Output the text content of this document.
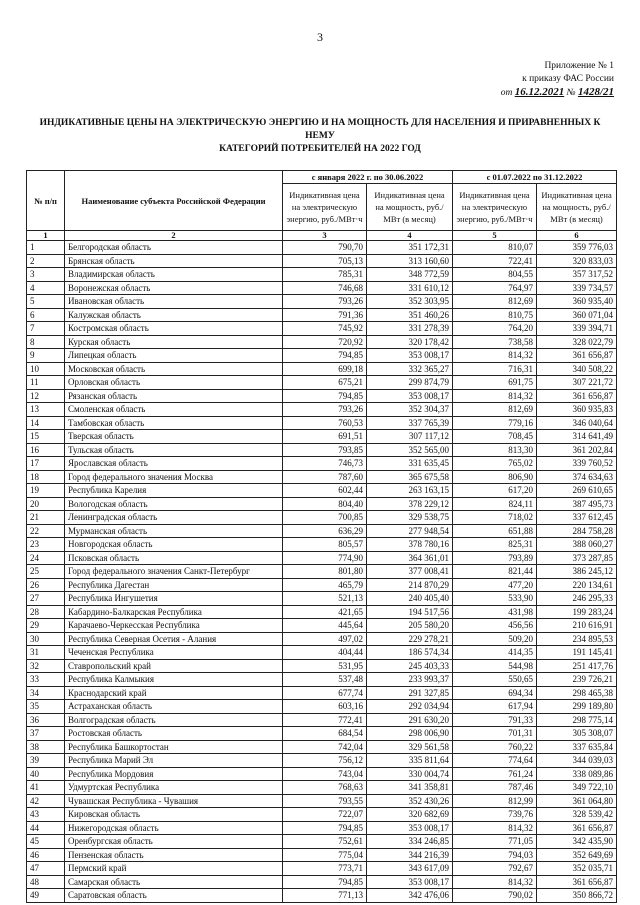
3
Приложение № 1
к приказу ФАС России
от 16.12.2021 № 1428/21
ИНДИКАТИВНЫЕ ЦЕНЫ НА ЭЛЕКТРИЧЕСКУЮ ЭНЕРГИЮ И НА МОЩНОСТЬ ДЛЯ НАСЕЛЕНИЯ И ПРИРАВНЕННЫХ К НЕМУ
КАТЕГОРИЙ ПОТРЕБИТЕЛЕЙ НА 2022 ГОД
№ п/п	Наименование субъекта Российской Федерации	с января 2022 г. по 30.06.2022		с 01.07.2022 по 31.12.2022	
		Индикативная цена на электрическую энергию, руб./МВт·ч	Индикативная цена на мощность, руб./МВт (в месяц)	Индикативная цена на электрическую энергию, руб./МВт·ч	Индикативная цена на мощность, руб./МВт (в месяц)
1	2	3	4	5	6
1	Белгородская область	790,70	351 172,31	810,07	359 776,03
2	Брянская область	705,13	313 160,60	722,41	320 833,03
3	Владимирская область	785,31	348 772,59	804,55	357 317,52
4	Воронежская область	746,68	331 610,12	764,97	339 734,57
5	Ивановская область	793,26	352 303,95	812,69	360 935,40
6	Калужская область	791,36	351 460,26	810,75	360 071,04
7	Костромская область	745,92	331 278,39	764,20	339 394,71
8	Курская область	720,92	320 178,42	738,58	328 022,79
9	Липецкая область	794,85	353 008,17	814,32	361 656,87
10	Московская область	699,18	332 365,27	716,31	340 508,22
11	Орловская область	675,21	299 874,79	691,75	307 221,72
12	Рязанская область	794,85	353 008,17	814,32	361 656,87
13	Смоленская область	793,26	352 304,37	812,69	360 935,83
14	Тамбовская область	760,53	337 765,39	779,16	346 040,64
15	Тверская область	691,51	307 117,12	708,45	314 641,49
16	Тульская область	793,85	352 565,00	813,30	361 202,84
17	Ярославская область	746,73	331 635,45	765,02	339 760,52
18	Город федерального значения Москва	787,60	365 675,58	806,90	374 634,63
19	Республика Карелия	602,44	263 163,15	617,20	269 610,65
20	Вологодская область	804,40	378 229,12	824,11	387 495,73
21	Ленинградская область	700,85	329 538,75	718,02	337 612,45
22	Мурманская область	636,29	277 948,54	651,88	284 758,28
23	Новгородская область	805,57	378 780,16	825,31	388 060,27
24	Псковская область	774,90	364 361,01	793,89	373 287,85
25	Город федерального значения Санкт-Петербург	801,80	377 008,41	821,44	386 245,12
26	Республика Дагестан	465,79	214 870,29	477,20	220 134,61
27	Республика Ингушетия	521,13	240 405,40	533,90	246 295,33
28	Кабардино-Балкарская Республика	421,65	194 517,56	431,98	199 283,24
29	Карачаево-Черкесская Республика	445,64	205 580,20	456,56	210 616,91
30	Республика Северная Осетия - Алания	497,02	229 278,21	509,20	234 895,53
31	Чеченская Республика	404,44	186 574,34	414,35	191 145,41
32	Ставропольский край	531,95	245 403,33	544,98	251 417,76
33	Республика Калмыкия	537,48	233 993,37	550,65	239 726,21
34	Краснодарский край	677,74	291 327,85	694,34	298 465,38
35	Астраханская область	603,16	292 034,94	617,94	299 189,80
36	Волгоградская область	772,41	291 630,20	791,33	298 775,14
37	Ростовская область	684,54	298 006,90	701,31	305 308,07
38	Республика Башкортостан	742,04	329 561,58	760,22	337 635,84
39	Республика Марий Эл	756,12	335 811,64	774,64	344 039,03
40	Республика Мордовия	743,04	330 004,74	761,24	338 089,86
41	Удмуртская Республика	768,63	341 358,81	787,46	349 722,10
42	Чувашская Республика - Чувашия	793,55	352 430,26	812,99	361 064,80
43	Кировская область	722,07	320 682,69	739,76	328 539,42
44	Нижегородская область	794,85	353 008,17	814,32	361 656,87
45	Оренбургская область	752,61	334 246,85	771,05	342 435,90
46	Пензенская область	775,04	344 216,39	794,03	352 649,69
47	Пермский край	773,71	343 617,09	792,67	352 035,71
48	Самарская область	794,85	353 008,17	814,32	361 656,87
49	Саратовская область	771,13	342 476,06	790,02	350 866,72
